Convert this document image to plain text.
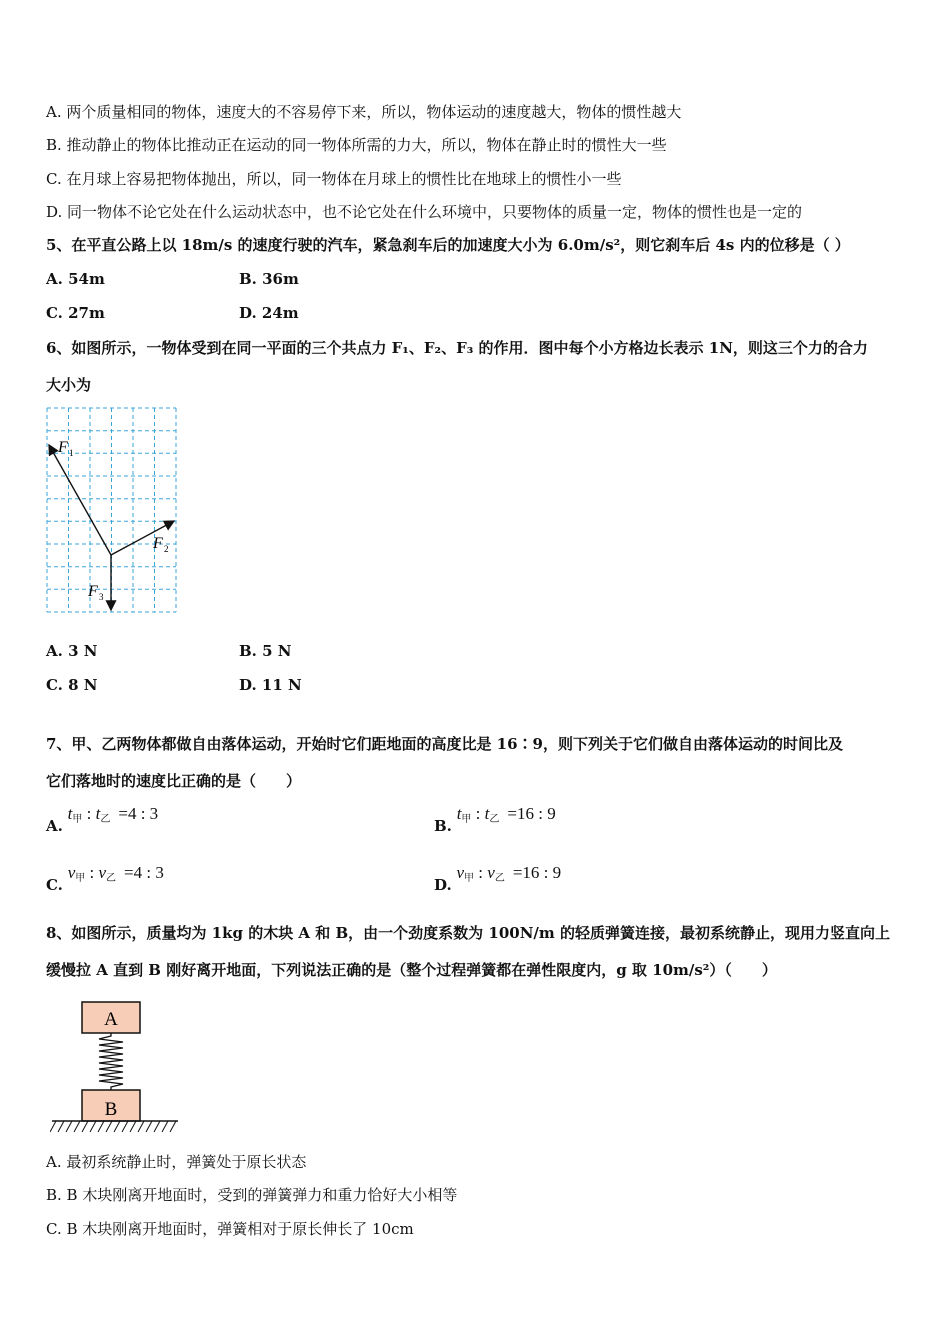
A. 两个质量相同的物体，速度大的不容易停下来，所以，物体运动的速度越大，物体的惯性越大
B. 推动静止的物体比推动正在运动的同一物体所需的力大，所以，物体在静止时的惯性大一些
C. 在月球上容易把物体抛出，所以，同一物体在月球上的惯性比在地球上的惯性小一些
D. 同一物体不论它处在什么运动状态中，也不论它处在什么环境中，只要物体的质量一定，物体的惯性也是一定的
5、在平直公路上以 18m/s 的速度行驶的汽车，紧急刹车后的加速度大小为 6.0m/s²，则它刹车后 4s 内的位移是（ ）
A. 54m	B. 36m
C. 27m	D. 24m
6、如图所示，一物体受到在同一平面的三个共点力 F₁、F₂、F₃ 的作用．图中每个小方格边长表示 1N，则这三个力的合力
大小为
F 1
F 2
F 3
A. 3 N	B. 5 N
C. 8 N	D. 11 N
7、甲、乙两物体都做自由落体运动，开始时它们距地面的高度比是 16∶9，则下列关于它们做自由落体运动的时间比及
它们落地时的速度比正确的是（　　）
A. $t_甲$ : $t_乙 =4$ : 3
B. $t_甲$ : $t_乙 =16$ : 9
C. $v_甲$ : $v_乙 =4$ : 3
D. $v_甲$ : $v_乙 =16$ : 9
8、如图所示，质量均为 1kg 的木块 A 和 B，由一个劲度系数为 100N/m 的轻质弹簧连接，最初系统静止，现用力竖直向上
缓慢拉 A 直到 B 刚好离开地面，下列说法正确的是（整个过程弹簧都在弹性限度内，g 取 10m/s²）（　　）
A
B
A. 最初系统静止时，弹簧处于原长状态
B. B 木块刚离开地面时，受到的弹簧弹力和重力恰好大小相等
C. B 木块刚离开地面时，弹簧相对于原长伸长了 10cm
